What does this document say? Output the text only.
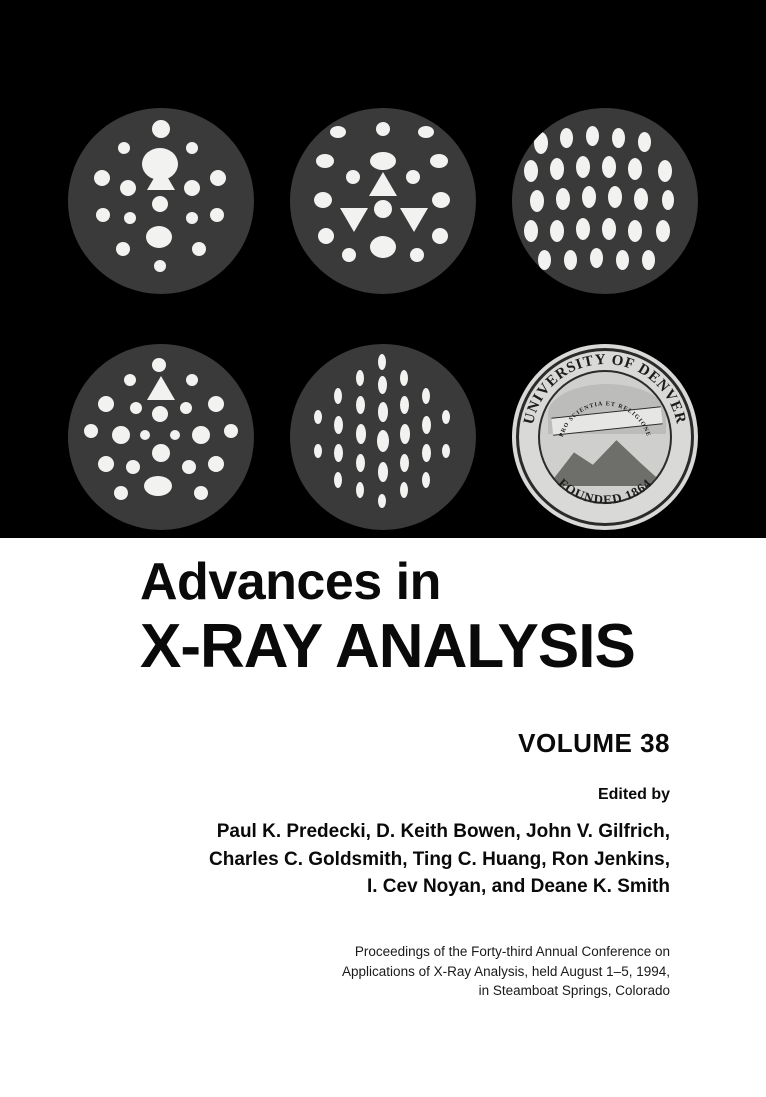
UNIVERSITY OF DENVER
FOUNDED 1864
PRO SCIENTIA ET RELIGIONE
Advances in
X-RAY ANALYSIS
VOLUME 38
Edited by
Paul K. Predecki, D. Keith Bowen, John V. Gilfrich,
Charles C. Goldsmith, Ting C. Huang, Ron Jenkins,
I. Cev Noyan, and Deane K. Smith
Proceedings of the Forty-third Annual Conference on
Applications of X-Ray Analysis, held August 1–5, 1994,
in Steamboat Springs, Colorado
